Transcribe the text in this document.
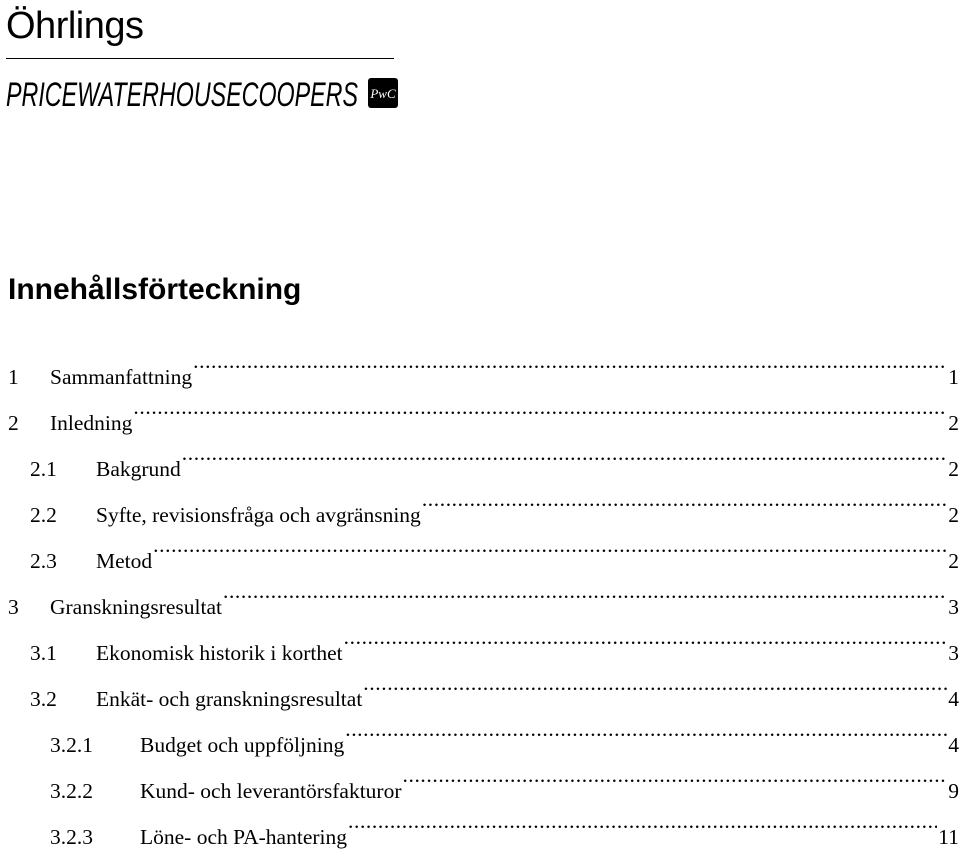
Öhrlings
PRICEWATERHOUSECOOPERS PwC
Innehållsförteckning
1	Sammanfattning .....	1
2	Inledning .....	2
2.1	Bakgrund .....	2
2.2	Syfte, revisionsfråga och avgränsning .....	2
2.3	Metod .....	2
3	Granskningsresultat .....	3
3.1	Ekonomisk historik i korthet .....	3
3.2	Enkät- och granskningsresultat .....	4
3.2.1	Budget och uppföljning .....	4
3.2.2	Kund- och leverantörsfakturor .....	9
3.2.3	Löne- och PA-hantering .....	11
